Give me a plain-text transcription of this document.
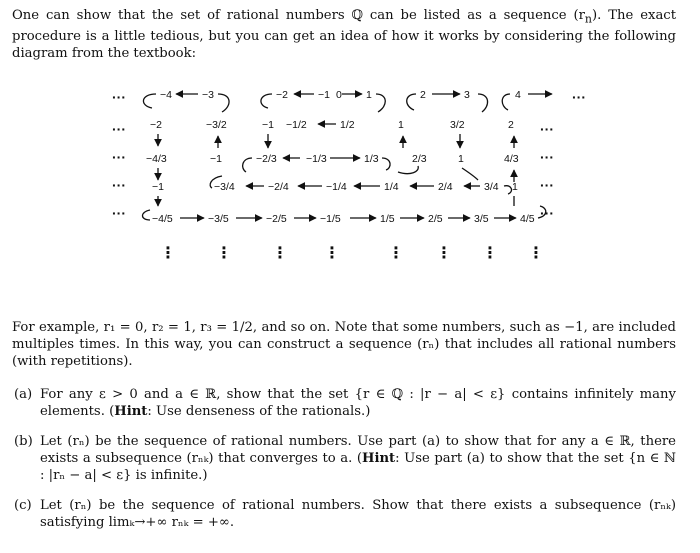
One can show that the set of rational numbers ℚ can be listed as a sequence $(r_n)$. The exact procedure is a little tedious, but you can get an idea of how it works by considering the following diagram from the textbook:
···
···
···
···
···
···
···
···
···
···
−4	−3	−2	−1 0 1	2	3	4
−2	−3/2	−1 −1/2	1/2	1	3/2	2
−4/3	−1	−2/3	−1/3	1/3	2/3	1	4/3
−1	−3/4	−2/4	−1/4	1/4	2/4	3/4 1
−4/5	−3/5	−2/5	−1/5	1/5	2/5	3/5	4/5
⋮	⋮	⋮ ⋮	⋮ ⋮ ⋮ ⋮
For example, r₁ = 0, r₂ = 1, r₃ = 1/2, and so on. Note that some numbers, such as −1, are included multiples times. In this way, you can construct a sequence (rₙ) that includes all rational numbers (with repetitions).
(a) For any ε > 0 and a ∈ ℝ, show that the set {r ∈ ℚ : |r − a| < ε} contains infinitely many elements. (Hint: Use denseness of the rationals.)
(b) Let (rₙ) be the sequence of rational numbers. Use part (a) to show that for any a ∈ ℝ, there exists a subsequence (rₙₖ) that converges to a. (Hint: Use part (a) to show that the set {n ∈ ℕ : |rₙ − a| < ε} is infinite.)
(c) Let (rₙ) be the sequence of rational numbers. Show that there exists a subsequence (rₙₖ) satisfying limₖ→+∞ rₙₖ = +∞.
